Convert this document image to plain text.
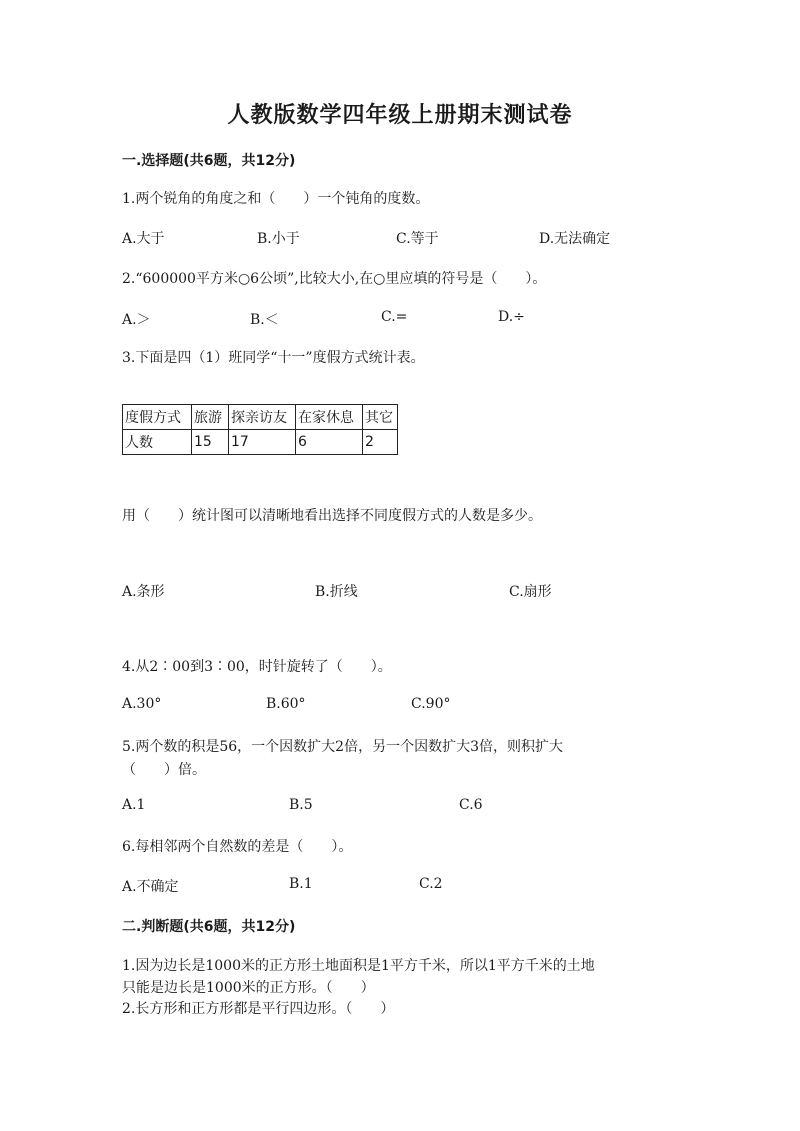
人教版数学四年级上册期末测试卷
一.选择题(共6题，共12分)
1.两个锐角的角度之和（　　）一个钝角的度数。
A.大于	B.小于	C.等于	D.无法确定
2.“600000平方米○6公顷”,比较大小,在○里应填的符号是（　　）。
A.＞	B.＜	C.=	D.÷
3.下面是四（1）班同学“十一”度假方式统计表。
度假方式	旅游	探亲访友	在家休息	其它
人数	15	17	6	2
用（　　）统计图可以清晰地看出选择不同度假方式的人数是多少。
A.条形	B.折线	C.扇形
4.从2∶00到3∶00，时针旋转了（　　）。
A.30°	B.60°	C.90°
5.两个数的积是56，一个因数扩大2倍，另一个因数扩大3倍，则积扩大
（　　）倍。
A.1	B.5	C.6
6.每相邻两个自然数的差是（　　）。
A.不确定	B.1	C.2
二.判断题(共6题，共12分)
1.因为边长是1000米的正方形土地面积是1平方千米，所以1平方千米的土地
只能是边长是1000米的正方形。（　　）
2.长方形和正方形都是平行四边形。（　　）
